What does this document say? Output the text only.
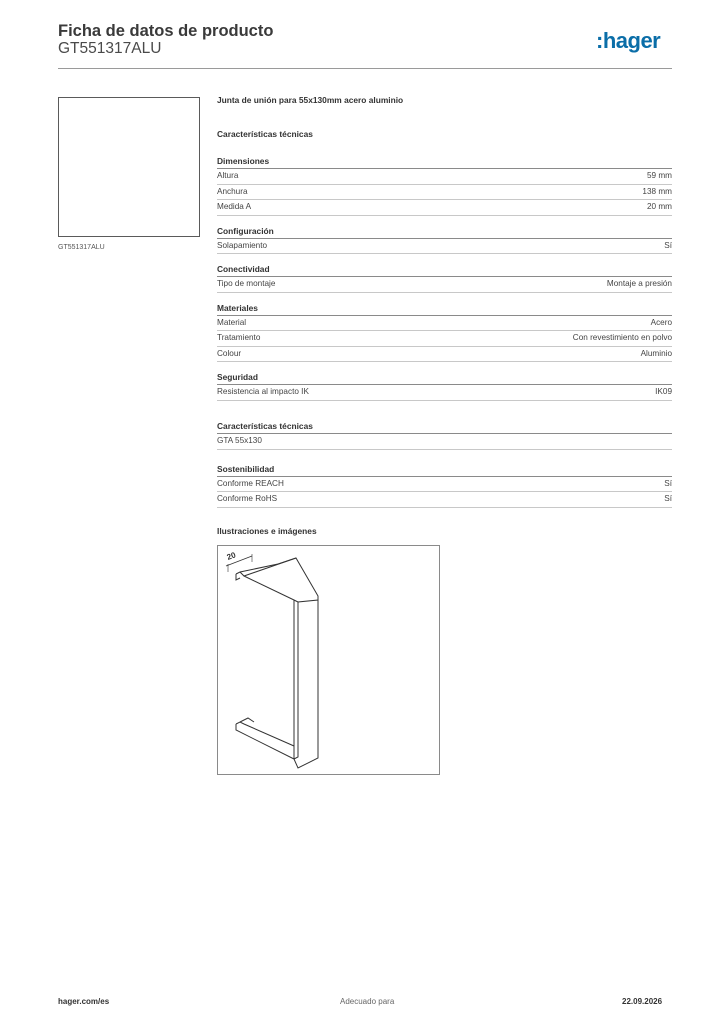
Ficha de datos de producto
GT551317ALU	:hager
GT551317ALU
Junta de unión para 55x130mm acero aluminio
Características técnicas
Dimensiones
Altura	59 mm
Anchura	138 mm
Medida A	20 mm
Configuración
Solapamiento	Sí
Conectividad
Tipo de montaje	Montaje a presión
Materiales
Material	Acero
Tratamiento	Con revestimiento en polvo
Colour	Aluminio
Seguridad
Resistencia al impacto IK	IK09
Características técnicas
GTA 55x130
Sostenibilidad
Conforme REACH	Sí
Conforme RoHS	Sí
Ilustraciones e imágenes
20
hager.com/es	Adecuado para	22.09.2026
